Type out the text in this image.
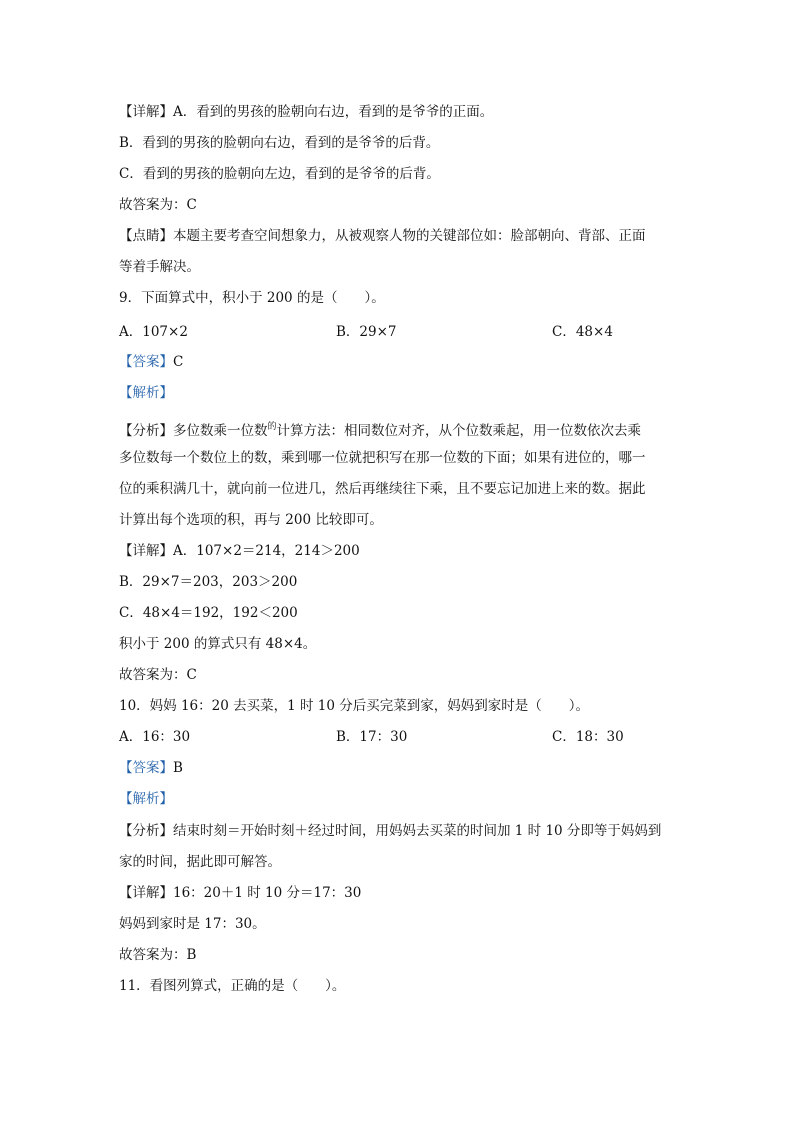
【详解】A．看到的男孩的脸朝向右边，看到的是爷爷的正面。
B．看到的男孩的脸朝向右边，看到的是爷爷的后背。
C．看到的男孩的脸朝向左边，看到的是爷爷的后背。
故答案为：C
【点睛】本题主要考查空间想象力，从被观察人物的关键部位如：脸部朝向、背部、正面
等着手解决。
9．下面算式中，积小于 200 的是（　　）。
A．107×2	B．29×7	C．48×4
【答案】C
【解析】
【分析】多位数乘一位数$^的$计算方法：相同数位对齐，从个位数乘起，用一位数依次去乘
多位数每一个数位上的数，乘到哪一位就把积写在那一位数的下面；如果有进位的，哪一
位的乘积满几十，就向前一位进几，然后再继续往下乘，且不要忘记加进上来的数。据此
计算出每个选项的积，再与 200 比较即可。
【详解】A．107×2＝214，214＞200
B．29×7＝203，203＞200
C．48×4＝192，192＜200
积小于 200 的算式只有 48×4。
故答案为：C
10．妈妈 16：20 去买菜，1 时 10 分后买完菜到家，妈妈到家时是（　　）。
A．16：30	B．17：30	C．18：30
【答案】B
【解析】
【分析】结束时刻＝开始时刻＋经过时间，用妈妈去买菜的时间加 1 时 10 分即等于妈妈到
家的时间，据此即可解答。
【详解】16：20＋1 时 10 分＝17：30
妈妈到家时是 17：30。
故答案为：B
11．看图列算式，正确的是（　　）。
